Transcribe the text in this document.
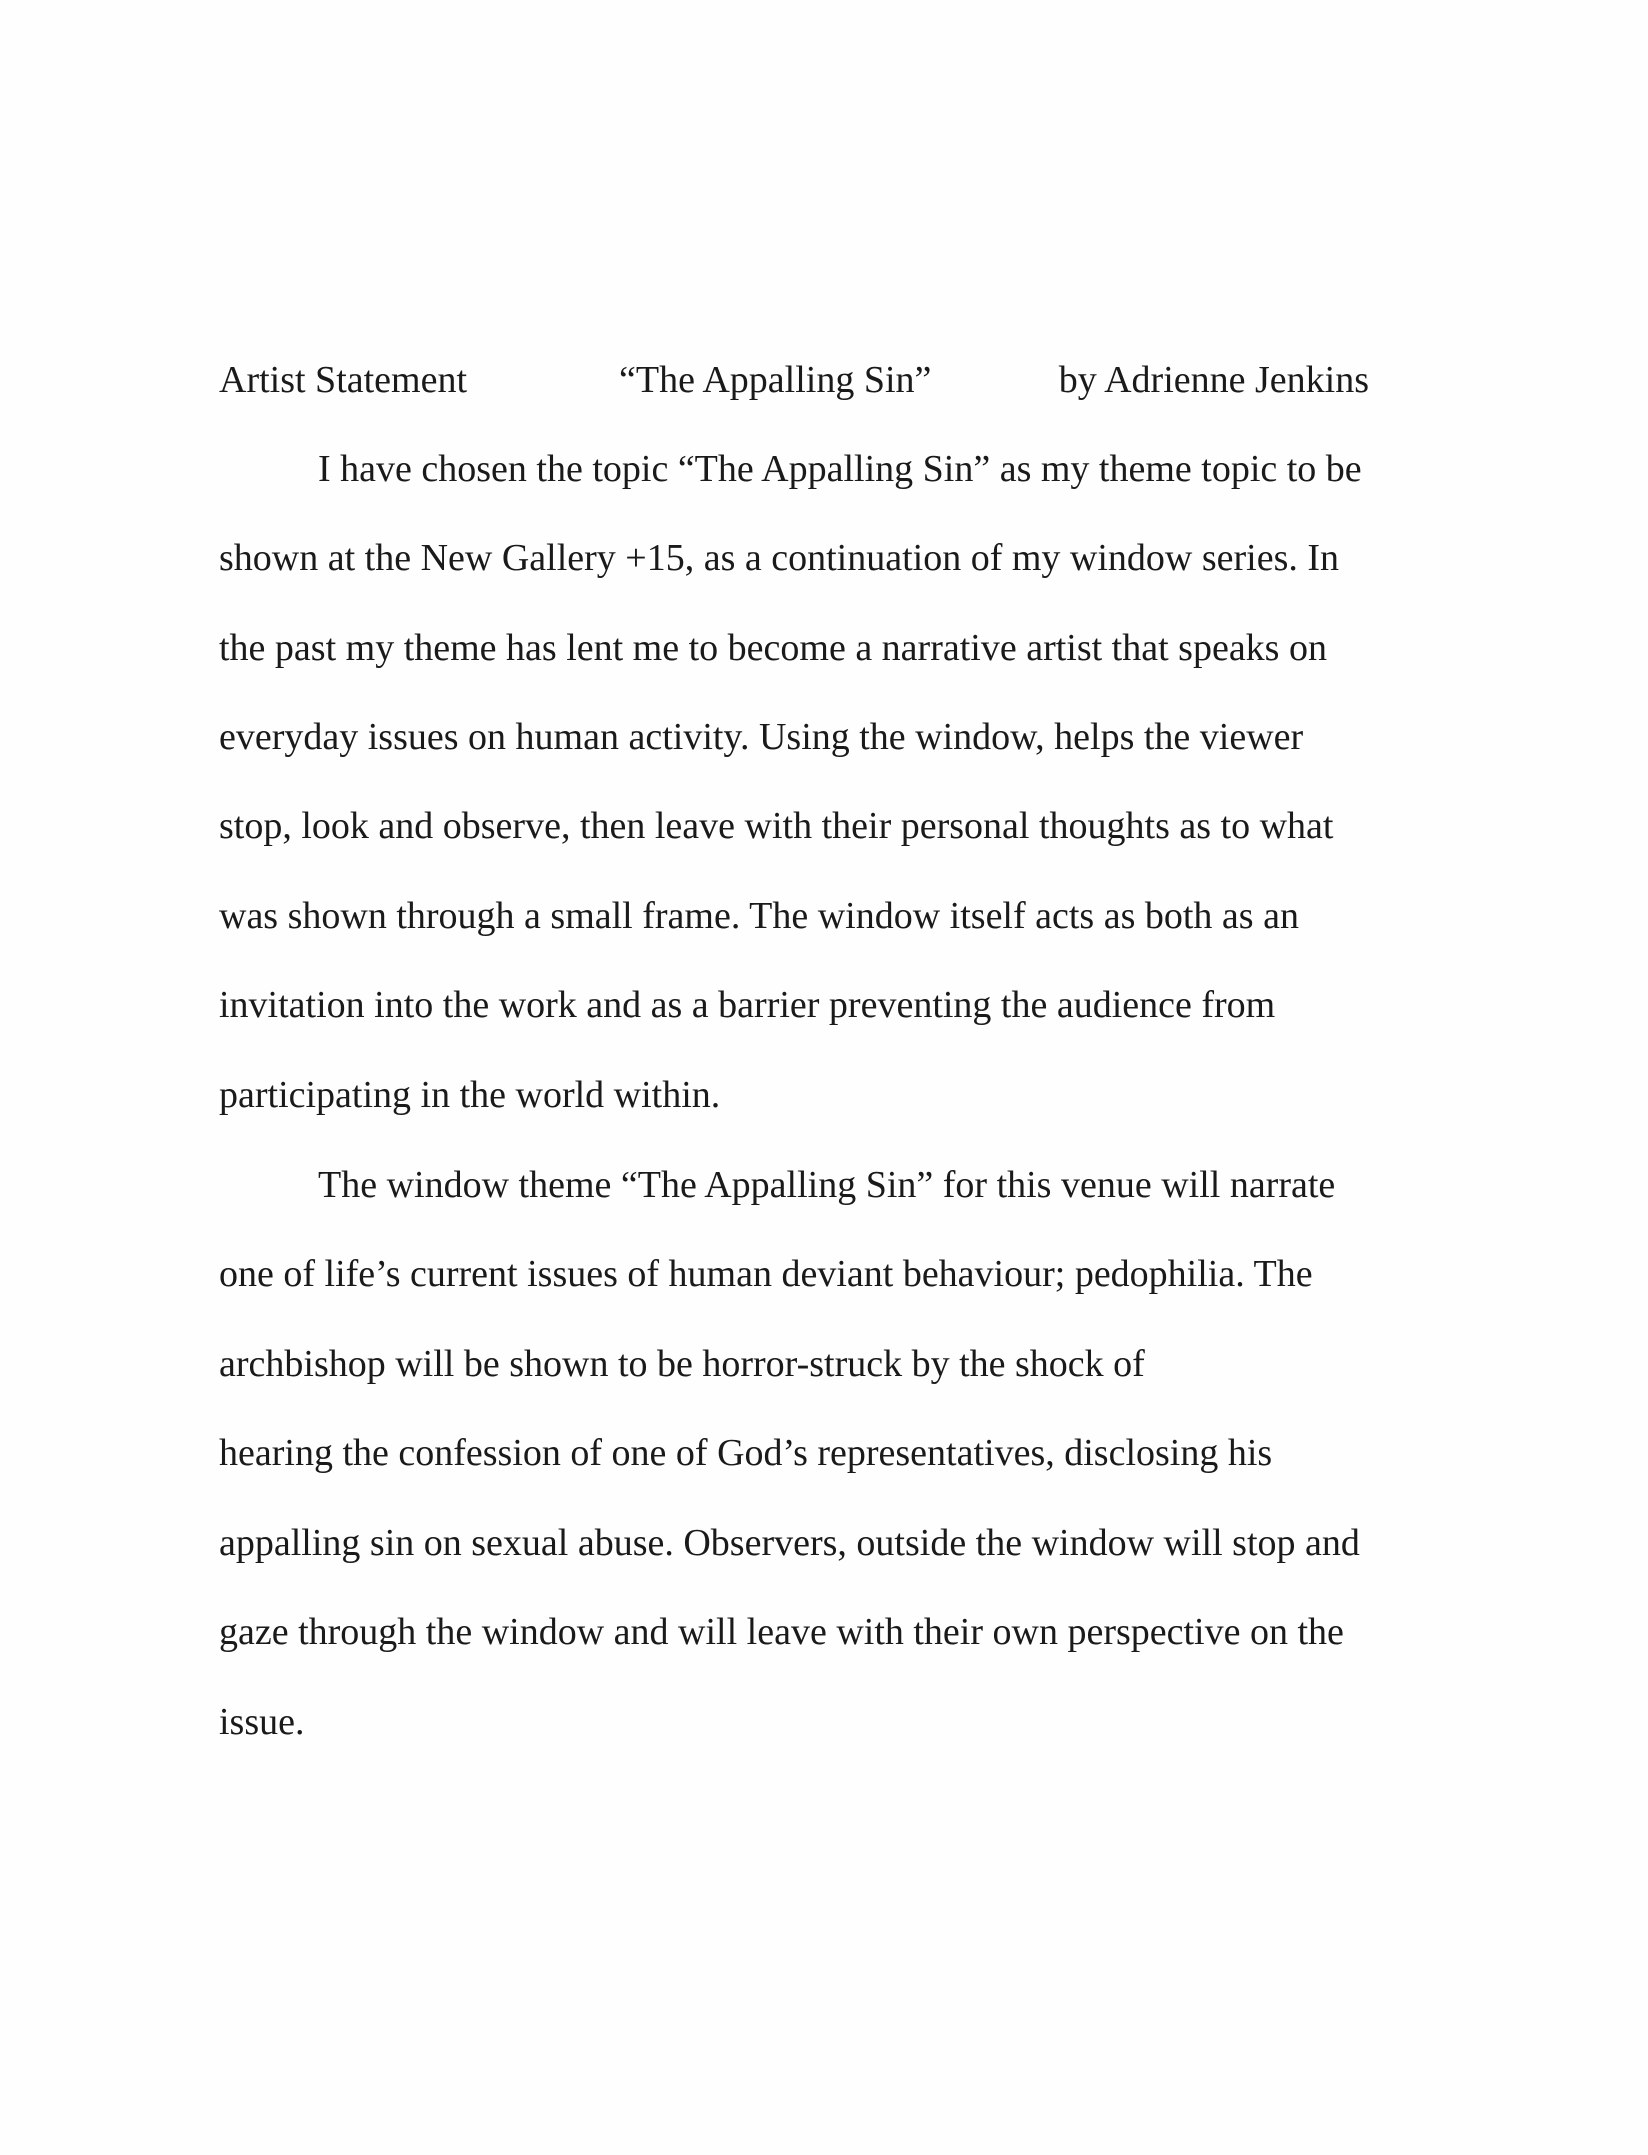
Artist Statement	“The Appalling Sin”	by Adrienne Jenkins
I have chosen the topic “The Appalling Sin” as my theme topic to be
shown at the New Gallery +15, as a continuation of my window series. In
the past my theme has lent me to become a narrative artist that speaks on
everyday issues on human activity. Using the window, helps the viewer
stop, look and observe, then leave with their personal thoughts as to what
was shown through a small frame. The window itself acts as both as an
invitation into the work and as a barrier preventing the audience from
participating in the world within.
The window theme “The Appalling Sin” for this venue will narrate
one of life’s current issues of human deviant behaviour; pedophilia. The
archbishop will be shown to be horror-struck by the shock of
hearing the confession of one of God’s representatives, disclosing his
appalling sin on sexual abuse. Observers, outside the window will stop and
gaze through the window and will leave with their own perspective on the
issue.
